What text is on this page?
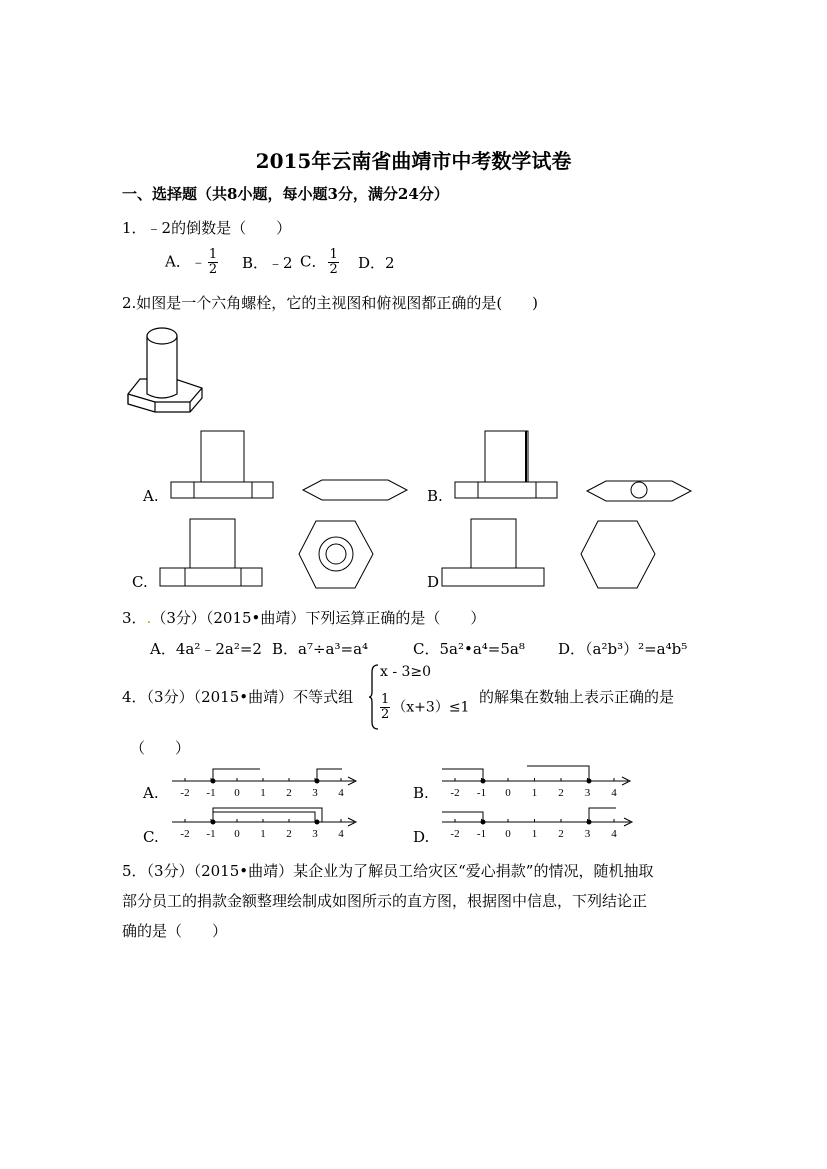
2015年云南省曲靖市中考数学试卷
一、选择题（共8小题，每小题3分，满分24分）
1．﹣2的倒数是（　　）
A．﹣ $\frac{1}{2}$ B．﹣2 C． $\frac{1}{2}$ D．2
2.如图是一个六角螺栓，它的主视图和俯视图都正确的是(　　)
A.	B.
C.	D
3．.（3分）（2015•曲靖）下列运算正确的是（　　）
A．4a²﹣2a²=2 B．a⁷÷a³=a⁴	C．5a²•a⁴=5a⁸ D．（a²b³）²=a⁴b⁵
4．（3分）（2015•曲靖）不等式组
x - 3≥0
$\frac{1}{2} (x+3)\le 1$
的解集在数轴上表示正确的是
（　　）
-2 -1 0 1 2 3 4
A.	-2 -1 0 1 2 3 4
B.
-2 -1 0 1 2 3 4
C.	-2 -1 0 1 2 3 4
D.
5．（3分）（2015•曲靖）某企业为了解员工给灾区“爱心捐款”的情况，随机抽取
部分员工的捐款金额整理绘制成如图所示的直方图，根据图中信息，下列结论正
确的是（　　）
